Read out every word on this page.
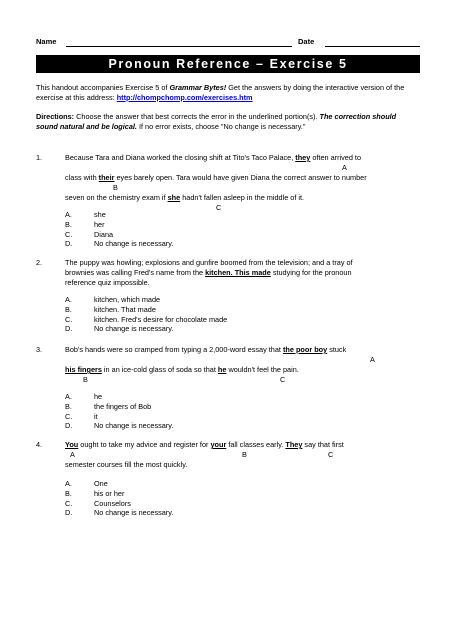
Name	Date
Pronoun Reference – Exercise 5
This handout accompanies Exercise 5 of Grammar Bytes! Get the answers by doing the interactive version of the exercise at this address: http://chompchomp.com/exercises.htm
Directions: Choose the answer that best corrects the error in the underlined portion(s). The correction should sound natural and be logical. If no error exists, choose "No change is necessary."
1.	Because Tara and Diana worked the closing shift at Tito's Taco Palace, they often arrived to
A
class with their eyes barely open. Tara would have given Diana the correct answer to number
B
seven on the chemistry exam if she hadn't fallen asleep in the middle of it.
C
A.	she
B.	her
C.	Diana
D.	No change is necessary.
2.	The puppy was howling; explosions and gunfire boomed from the television; and a tray of
brownies was calling Fred's name from the kitchen. This made studying for the pronoun
reference quiz impossible.
A.	kitchen, which made
B.	kitchen. That made
C.	kitchen. Fred's desire for chocolate made
D.	No change is necessary.
3.	Bob's hands were so cramped from typing a 2,000-word essay that the poor boy stuck
A
his fingers in an ice-cold glass of soda so that he wouldn't feel the pain.
B	C
A.	he
B.	the fingers of Bob
C.	it
D.	No change is necessary.
4.	You ought to take my advice and register for your fall classes early. They say that first
A	B	C
semester courses fill the most quickly.
A.	One
B.	his or her
C.	Counselors
D.	No change is necessary.
